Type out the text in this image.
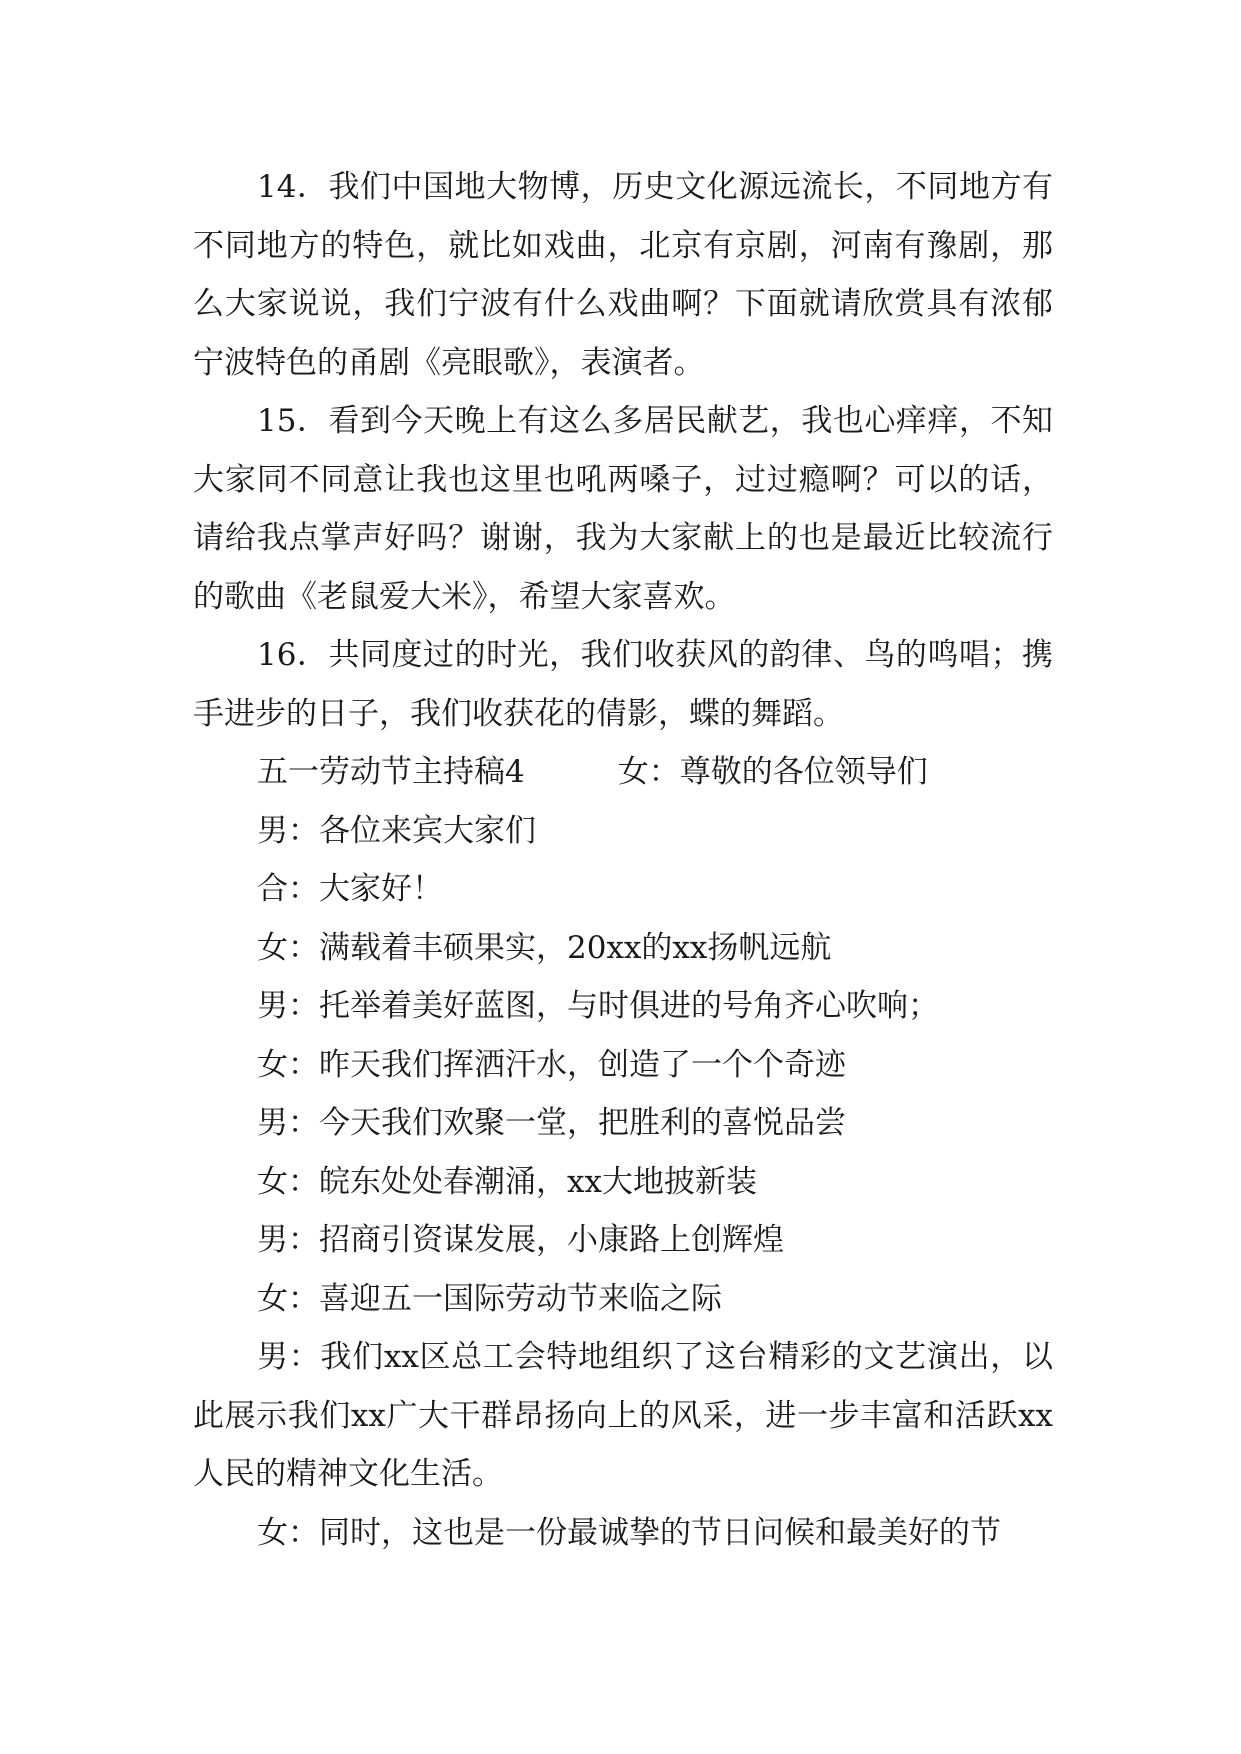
14．我们中国地大物博，历史文化源远流长，不同地方有不同地方的特色，就比如戏曲，北京有京剧，河南有豫剧，那么大家说说，我们宁波有什么戏曲啊？下面就请欣赏具有浓郁宁波特色的甬剧《亮眼歌》，表演者。

15．看到今天晚上有这么多居民献艺，我也心痒痒，不知大家同不同意让我也这里也吼两嗓子，过过瘾啊？可以的话，请给我点掌声好吗？谢谢，我为大家献上的也是最近比较流行的歌曲《老鼠爱大米》，希望大家喜欢。

16．共同度过的时光，我们收获风的韵律、鸟的鸣唱；携手进步的日子，我们收获花的倩影，蝶的舞蹈。

五一劳动节主持稿4　　　女：尊敬的各位领导们

男：各位来宾大家们

合：大家好！

女：满载着丰硕果实，20xx的xx扬帆远航

男：托举着美好蓝图，与时俱进的号角齐心吹响；

女：昨天我们挥洒汗水，创造了一个个奇迹

男：今天我们欢聚一堂，把胜利的喜悦品尝

女：皖东处处春潮涌，xx大地披新装

男：招商引资谋发展，小康路上创辉煌

女：喜迎五一国际劳动节来临之际

男：我们xx区总工会特地组织了这台精彩的文艺演出，以此展示我们xx广大干群昂扬向上的风采，进一步丰富和活跃xx人民的精神文化生活。

女：同时，这也是一份最诚挚的节日问候和最美好的节
